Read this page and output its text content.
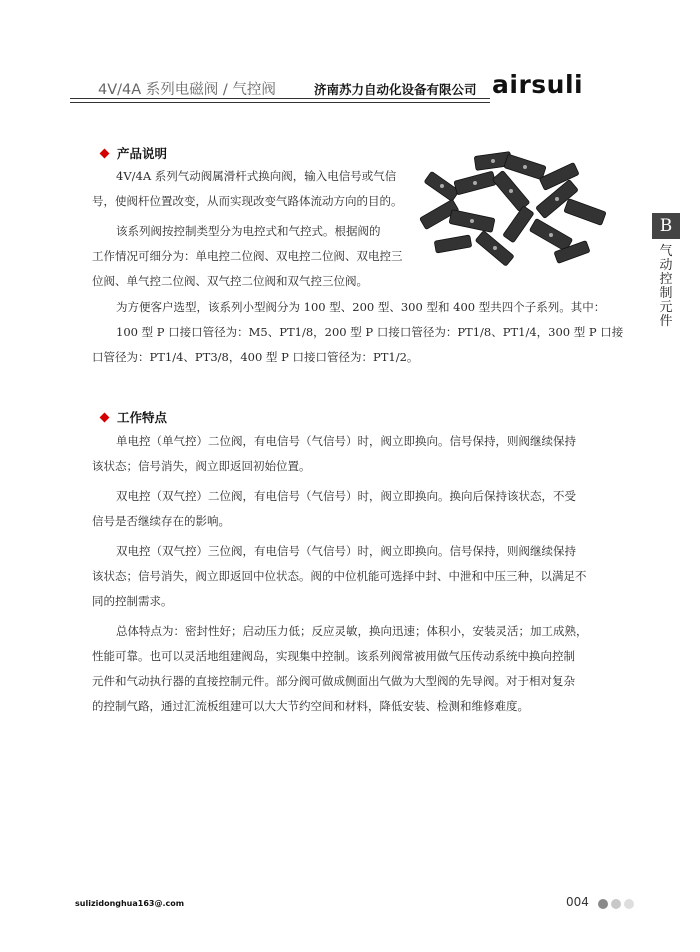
4V/4A 系列电磁阀 / 气控阀	济南苏力自动化设备有限公司 airsuli
产品说明
4V/4A 系列气动阀属滑杆式换向阀，输入电信号或气信
号，使阀杆位置改变，从而实现改变气路体流动方向的目的。
该系列阀按控制类型分为电控式和气控式。根据阀的
工作情况可细分为：单电控二位阀、双电控二位阀、双电控三
位阀、单气控二位阀、双气控二位阀和双气控三位阀。
为方便客户选型，该系列小型阀分为 100 型、200 型、300 型和 400 型共四个子系列。其中：
100 型 P 口接口管径为：M5、PT1/8，200 型 P 口接口管径为：PT1/8、PT1/4，300 型 P 口接
口管径为：PT1/4、PT3/8，400 型 P 口接口管径为：PT1/2。
工作特点
单电控（单气控）二位阀，有电信号（气信号）时，阀立即换向。信号保持，则阀继续保持
该状态；信号消失，阀立即返回初始位置。
双电控（双气控）二位阀，有电信号（气信号）时，阀立即换向。换向后保持该状态，不受
信号是否继续存在的影响。
双电控（双气控）三位阀，有电信号（气信号）时，阀立即换向。信号保持，则阀继续保持
该状态；信号消失，阀立即返回中位状态。阀的中位机能可选择中封、中泄和中压三种，以满足不
同的控制需求。
总体特点为：密封性好；启动压力低；反应灵敏，换向迅速；体积小，安装灵活；加工成熟，
性能可靠。也可以灵活地组建阀岛，实现集中控制。该系列阀常被用做气压传动系统中换向控制
元件和气动执行器的直接控制元件。部分阀可做成侧面出气做为大型阀的先导阀。对于相对复杂
的控制气路，通过汇流板组建可以大大节约空间和材料，降低安装、检测和维修难度。
B
气动控制元件
sulizidonghua163@.com	004
